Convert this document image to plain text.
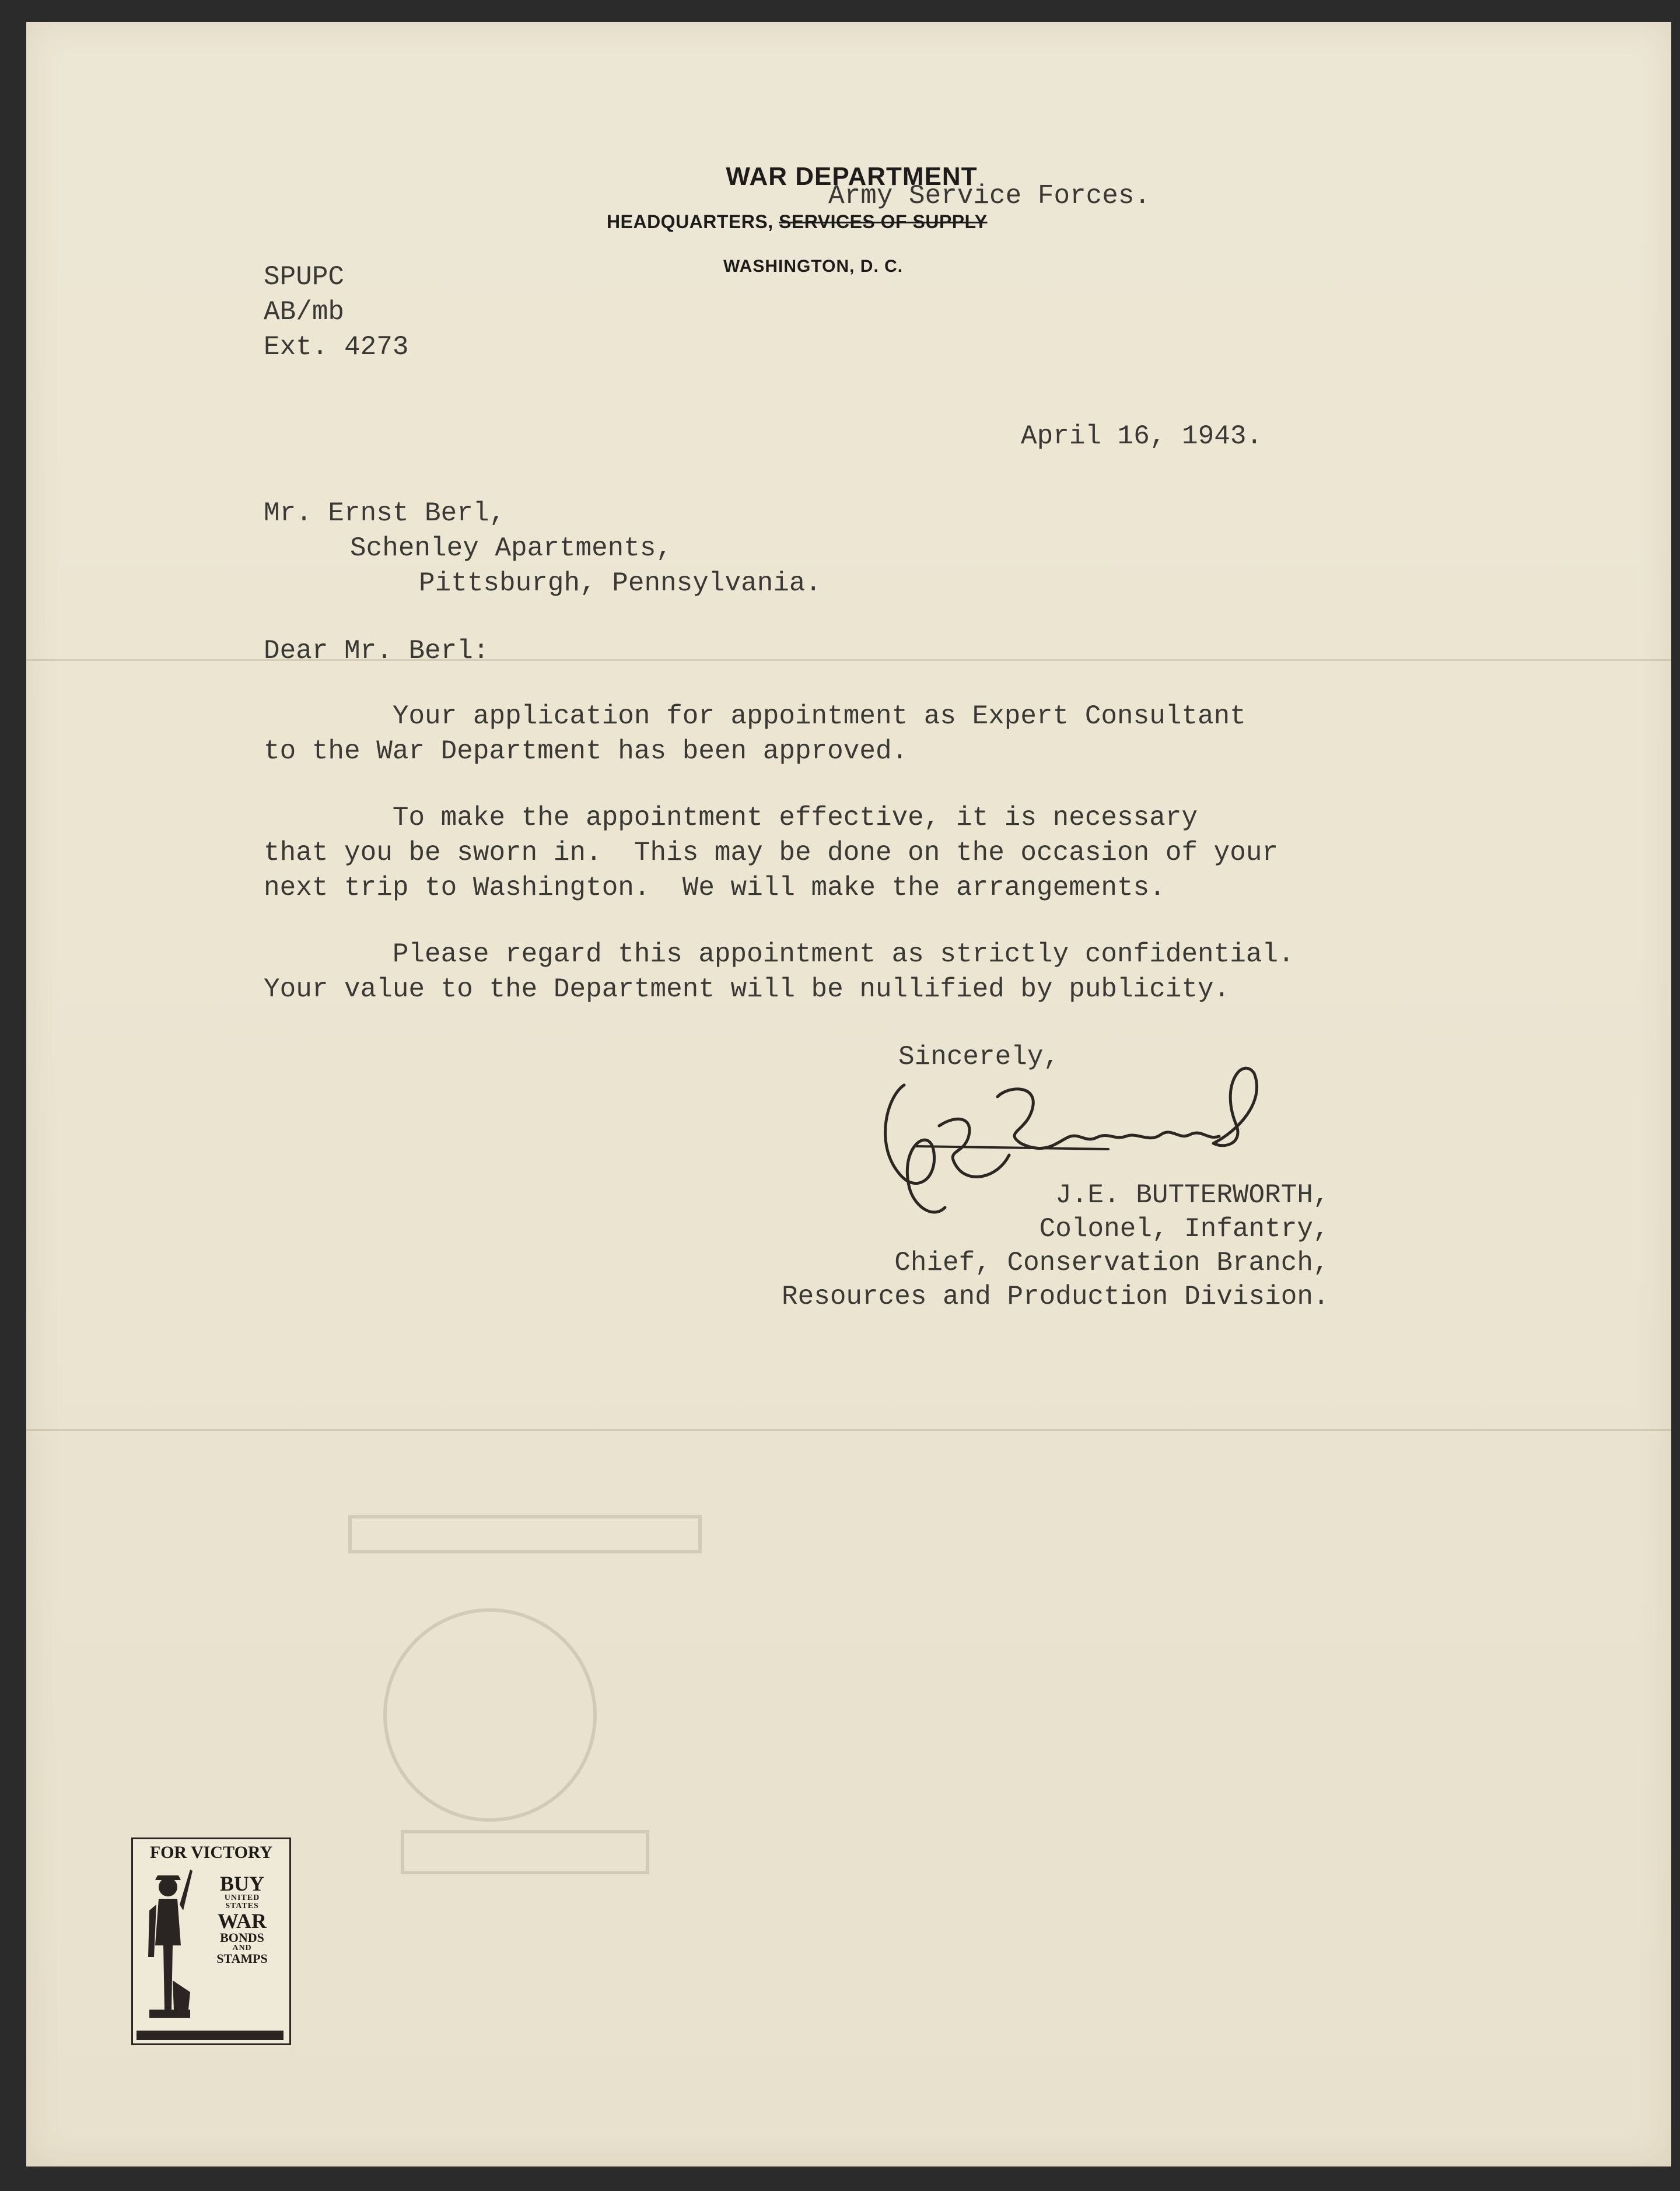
WAR DEPARTMENT
HEADQUARTERS, SERVICES OF SUPPLY
WASHINGTON, D. C.
Army Service Forces.
SPUPC
AB/mb
Ext. 4273
April 16, 1943.
Mr. Ernst Berl,
Schenley Apartments,
Pittsburgh, Pennsylvania.
Dear Mr. Berl:
Your application for appointment as Expert Consultant
to the War Department has been approved.
To make the appointment effective, it is necessary
that you be sworn in.  This may be done on the occasion of your
next trip to Washington.  We will make the arrangements.
Please regard this appointment as strictly confidential.
Your value to the Department will be nullified by publicity.
Sincerely,
J.E. BUTTERWORTH,
Colonel, Infantry,
Chief, Conservation Branch,
Resources and Production Division.
FOR VICTORY
BUY
UNITED
STATES
WAR
BONDS
AND
STAMPS
